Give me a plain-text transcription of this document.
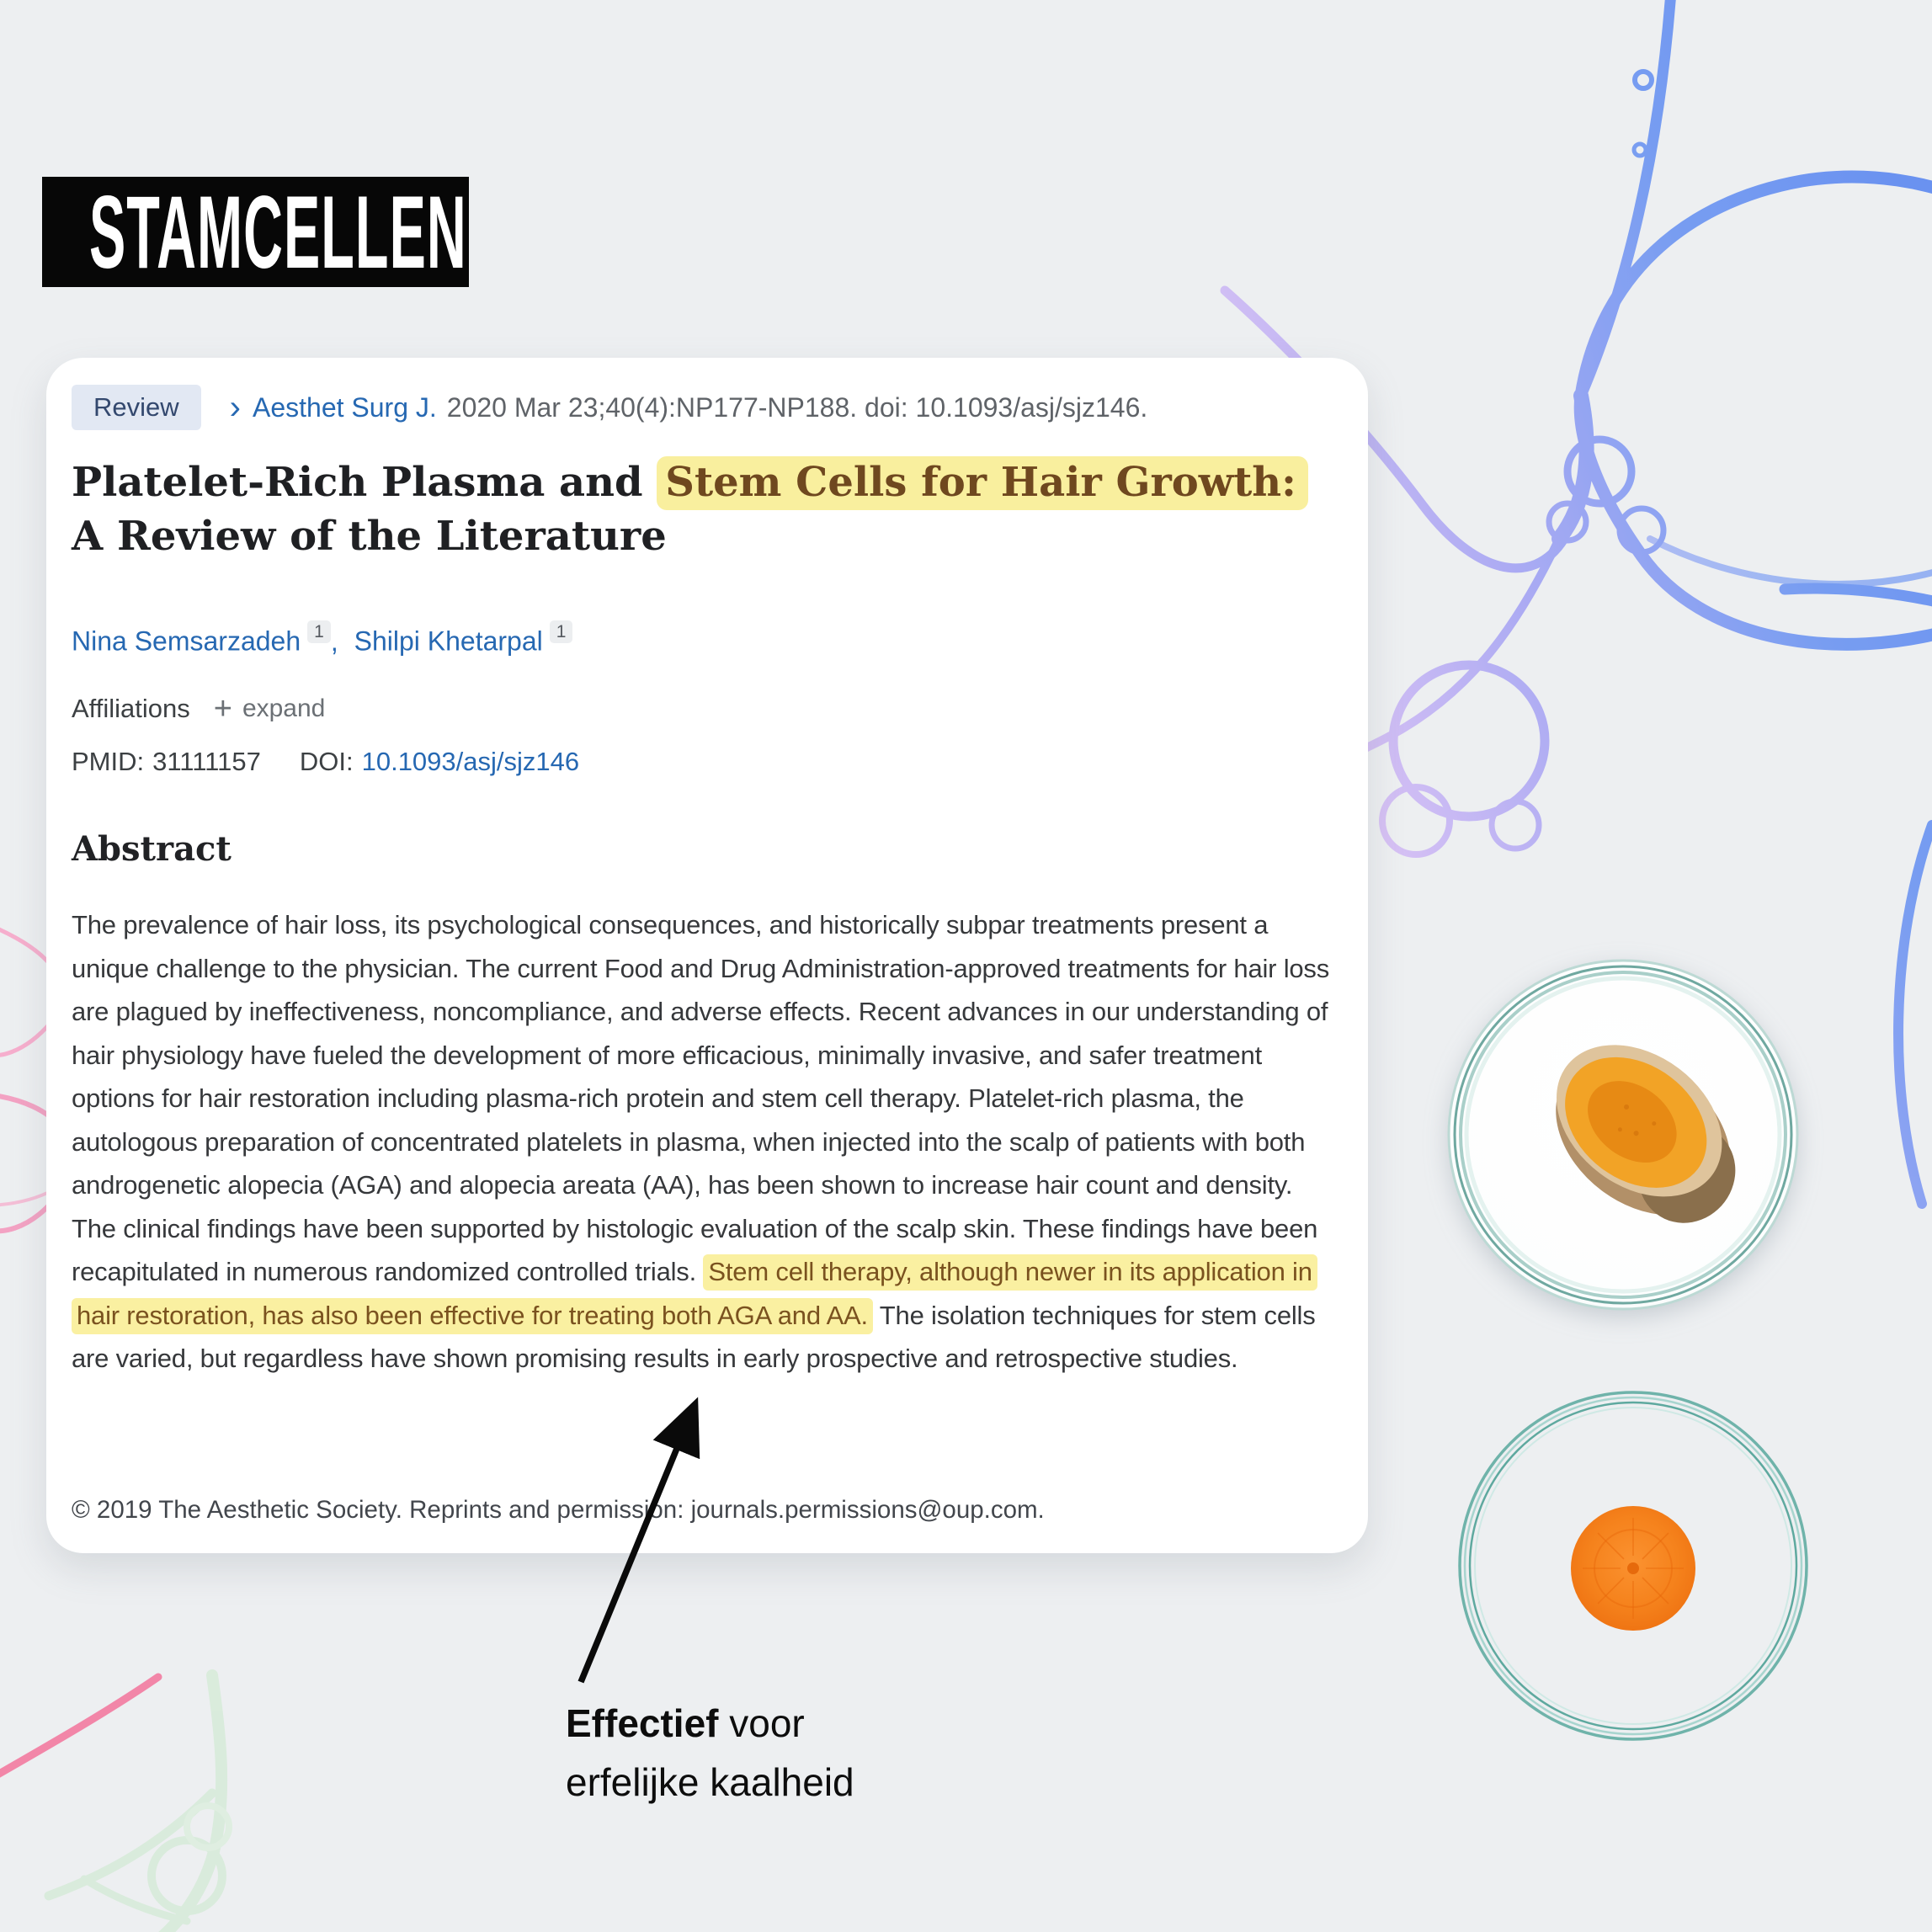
STAMCELLEN
Review	› Aesthet Surg J. 2020 Mar 23;40(4):NP177-NP188. doi: 10.1093/asj/sjz146.
Platelet-Rich Plasma and Stem Cells for Hair Growth:
A Review of the Literature
Nina Semsarzadeh $^1$ , Shilpi Khetarpal $^1$
Affiliations + expand
PMID: 31111157 DOI: 10.1093/asj/sjz146
Abstract

The prevalence of hair loss, its psychological consequences, and historically subpar treatments present a unique challenge to the physician. The current Food and Drug Administration-approved treatments for hair loss are plagued by ineffectiveness, noncompliance, and adverse effects. Recent advances in our understanding of hair physiology have fueled the development of more efficacious, minimally invasive, and safer treatment options for hair restoration including plasma-rich protein and stem cell therapy. Platelet-rich plasma, the autologous preparation of concentrated platelets in plasma, when injected into the scalp of patients with both androgenetic alopecia (AGA) and alopecia areata (AA), has been shown to increase hair count and density. The clinical findings have been supported by histologic evaluation of the scalp skin. These findings have been recapitulated in numerous randomized controlled trials. Stem cell therapy, although newer in its application in hair restoration, has also been effective for treating both AGA and AA. The isolation techniques for stem cells are varied, but regardless have shown promising results in early prospective and retrospective studies.

© 2019 The Aesthetic Society. Reprints and permission: journals.permissions@oup.com.

Effectief voor
erfelijke kaalheid
